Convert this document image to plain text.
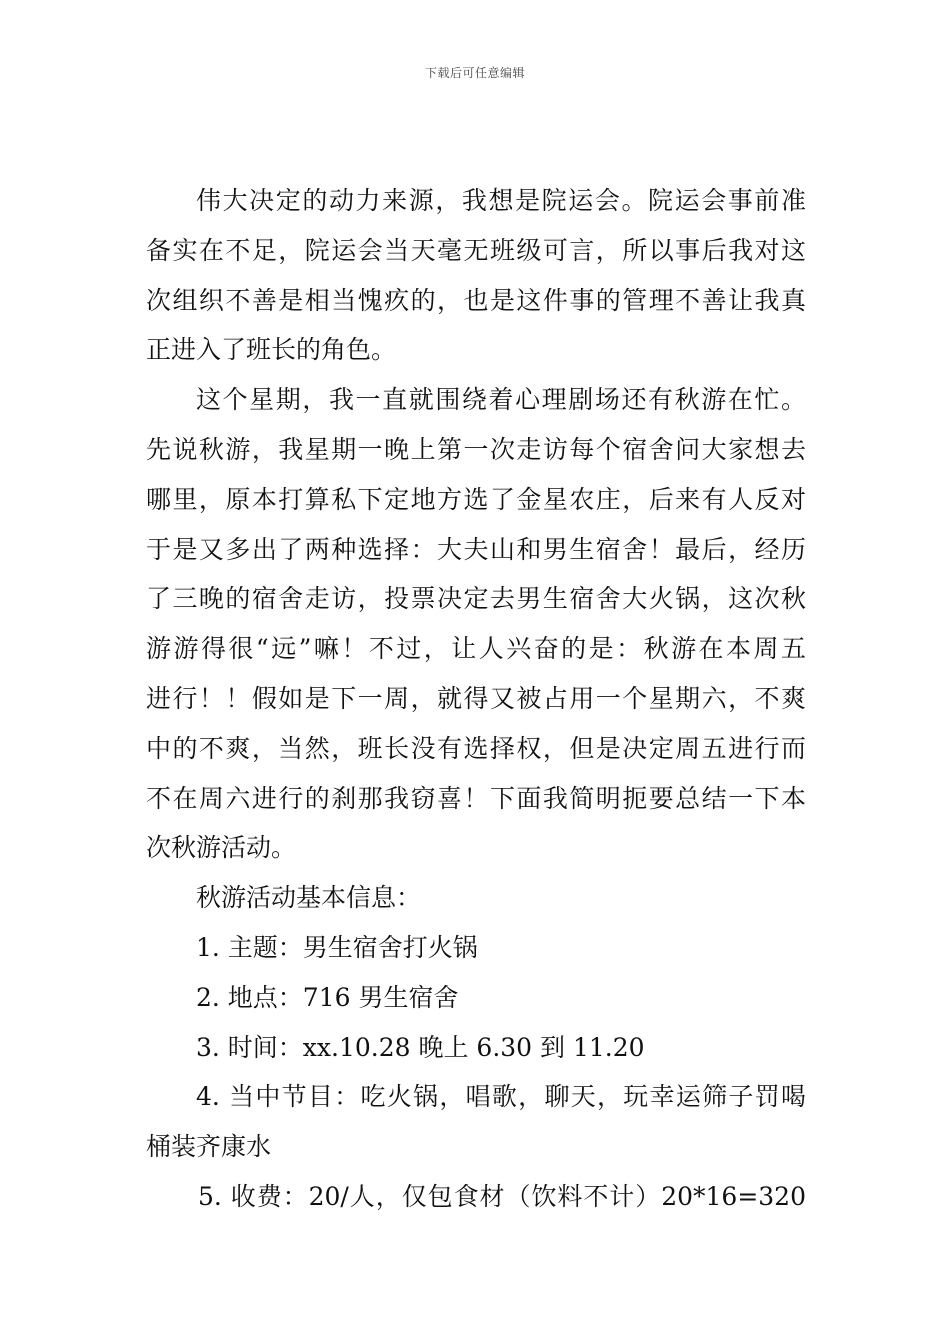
下载后可任意编辑
伟大决定的动力来源，我想是院运会。院运会事前准
备实在不足，院运会当天毫无班级可言，所以事后我对这
次组织不善是相当愧疚的，也是这件事的管理不善让我真
正进入了班长的角色。
这个星期，我一直就围绕着心理剧场还有秋游在忙。
先说秋游，我星期一晚上第一次走访每个宿舍问大家想去
哪里，原本打算私下定地方选了金星农庄，后来有人反对
于是又多出了两种选择：大夫山和男生宿舍！最后，经历
了三晚的宿舍走访，投票决定去男生宿舍大火锅，这次秋
游游得很“远”嘛！不过，让人兴奋的是：秋游在本周五
进行！！假如是下一周，就得又被占用一个星期六，不爽
中的不爽，当然，班长没有选择权，但是决定周五进行而
不在周六进行的刹那我窃喜！下面我简明扼要总结一下本
次秋游活动。
秋游活动基本信息：
1. 主题：男生宿舍打火锅
2. 地点：716 男生宿舍
3. 时间：xx.10.28 晚上 6.30 到 11.20
4. 当中节目：吃火锅，唱歌，聊天，玩幸运筛子罚喝
桶装齐康水
5. 收费：20/人，仅包食材（饮料不计）20*16=320
